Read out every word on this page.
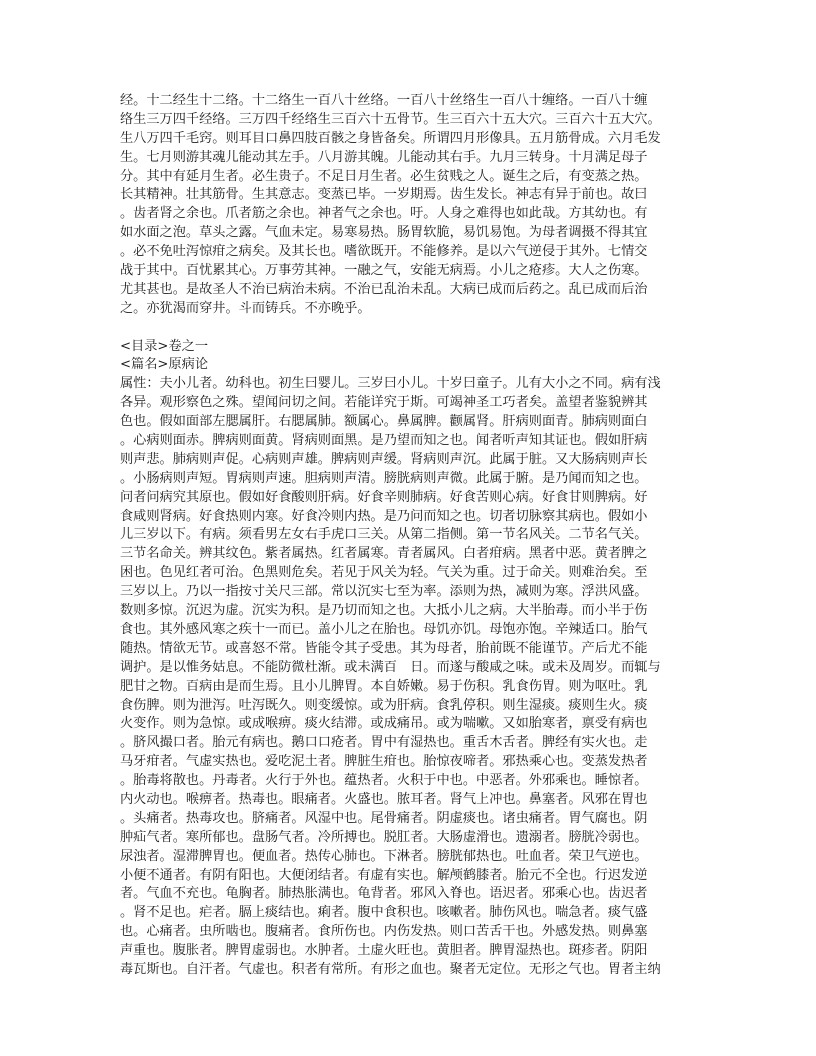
经。十二经生十二络。十二络生一百八十丝络。一百八十丝络生一百八十缠络。一百八十缠
络生三万四千经络。三万四千经络生三百六十五骨节。生三百六十五大穴。三百六十五大穴。
生八万四千毛窍。则耳目口鼻四肢百骸之身皆备矣。所谓四月形像具。五月筋骨成。六月毛发
生。七月则游其魂儿能动其左手。八月游其魄。儿能动其右手。九月三转身。十月满足母子
分。其中有延月生者。必生贵子。不足日月生者。必生贫贱之人。诞生之后，有变蒸之热。
长其精神。壮其筋骨。生其意志。变蒸已毕。一岁期焉。齿生发长。神志有异于前也。故曰
。齿者肾之余也。爪者筋之余也。神者气之余也。吁。人身之难得也如此哉。方其幼也。有
如水面之泡。草头之露。气血未定。易寒易热。肠胃软脆，易饥易饱。为母者调摄不得其宜
。必不免吐泻惊疳之病矣。及其长也。嗜欲既开。不能修养。是以六气逆侵于其外。七情交
战于其中。百忧累其心。万事劳其神。一融之气，安能无病焉。小儿之疮疹。大人之伤寒。
尤其甚也。是故圣人不治已病治未病。不治已乱治未乱。大病已成而后药之。乱已成而后治
之。亦犹渴而穿井。斗而铸兵。不亦晚乎。
<目录>卷之一
<篇名>原病论
属性：夫小儿者。幼科也。初生曰婴儿。三岁曰小儿。十岁曰童子。儿有大小之不同。病有浅
各异。观形察色之殊。望闻问切之间。若能详究于斯。可竭神圣工巧者矣。盖望者鉴貌辨其
色也。假如面部左腮属肝。右腮属肺。额属心。鼻属脾。颧属肾。肝病则面青。肺病则面白
。心病则面赤。脾病则面黄。肾病则面黑。是乃望而知之也。闻者听声知其证也。假如肝病
则声悲。肺病则声促。心病则声雄。脾病则声缓。肾病则声沉。此属于脏。又大肠病则声长
。小肠病则声短。胃病则声速。胆病则声清。膀胱病则声微。此属于腑。是乃闻而知之也。
问者问病究其原也。假如好食酸则肝病。好食辛则肺病。好食苦则心病。好食甘则脾病。好
食咸则肾病。好食热则内寒。好食冷则内热。是乃问而知之也。切者切脉察其病也。假如小
儿三岁以下。有病。须看男左女右手虎口三关。从第二指侧。第一节名风关。二节名气关。
三节名命关。辨其纹色。紫者属热。红者属寒。青者属风。白者疳病。黑者中恶。黄者脾之
困也。色见红者可治。色黑则危矣。若见于风关为轻。气关为重。过于命关。则难治矣。至
三岁以上。乃以一指按寸关尺三部。常以沉实七至为率。添则为热，减则为寒。浮洪风盛。
数则多惊。沉迟为虚。沉实为积。是乃切而知之也。大抵小儿之病。大半胎毒。而小半于伤
食也。其外感风寒之疾十一而已。盖小儿之在胎也。母饥亦饥。母饱亦饱。辛辣适口。胎气
随热。情欲无节。或喜怒不常。皆能令其子受患。其为母者，胎前既不能谨节。产后尤不能
调护。是以惟务姑息。不能防微杜渐。或未满百　日。而遂与酸咸之味。或未及周岁。而辄与
肥甘之物。百病由是而生焉。且小儿脾胃。本自娇嫩。易于伤积。乳食伤胃。则为呕吐。乳
食伤脾。则为泄泻。吐泻既久。则变缓惊。或为肝病。食乳停积。则生湿痰。痰则生火。痰
火变作。则为急惊。或成喉痹。痰火结滞。或成痛吊。或为喘嗽。又如胎寒者，禀受有病也
。脐风撮口者。胎元有病也。鹅口口疮者。胃中有湿热也。重舌木舌者。脾经有实火也。走
马牙疳者。气虚实热也。爱吃泥土者。脾脏生疳也。胎惊夜啼者。邪热乘心也。变蒸发热者
。胎毒将散也。丹毒者。火行于外也。蕴热者。火积于中也。中恶者。外邪乘也。睡惊者。
内火动也。喉痹者。热毒也。眼痛者。火盛也。脓耳者。肾气上冲也。鼻塞者。风邪在胃也
。头痛者。热毒攻也。脐痛者。风湿中也。尾骨痛者。阴虚痰也。诸虫痛者。胃气腐也。阴
肿疝气者。寒所郁也。盘肠气者。冷所搏也。脱肛者。大肠虚滑也。遗溺者。膀胱冷弱也。
尿浊者。湿滞脾胃也。便血者。热传心肺也。下淋者。膀胱郁热也。吐血者。荣卫气逆也。
小便不通者。有阴有阳也。大便闭结者。有虚有实也。解颅鹤膝者。胎元不全也。行迟发逆
者。气血不充也。龟胸者。肺热胀满也。龟背者。邪风入脊也。语迟者。邪乘心也。齿迟者
。肾不足也。疟者。膈上痰结也。痢者。腹中食积也。咳嗽者。肺伤风也。喘急者。痰气盛
也。心痛者。虫所啮也。腹痛者。食所伤也。内伤发热。则口苦舌干也。外感发热。则鼻塞
声重也。腹胀者。脾胃虚弱也。水肿者。土虚火旺也。黄胆者。脾胃湿热也。斑疹者。阴阳
毒瓦斯也。自汗者。气虚也。积者有常所。有形之血也。聚者无定位。无形之气也。胃者主纳
